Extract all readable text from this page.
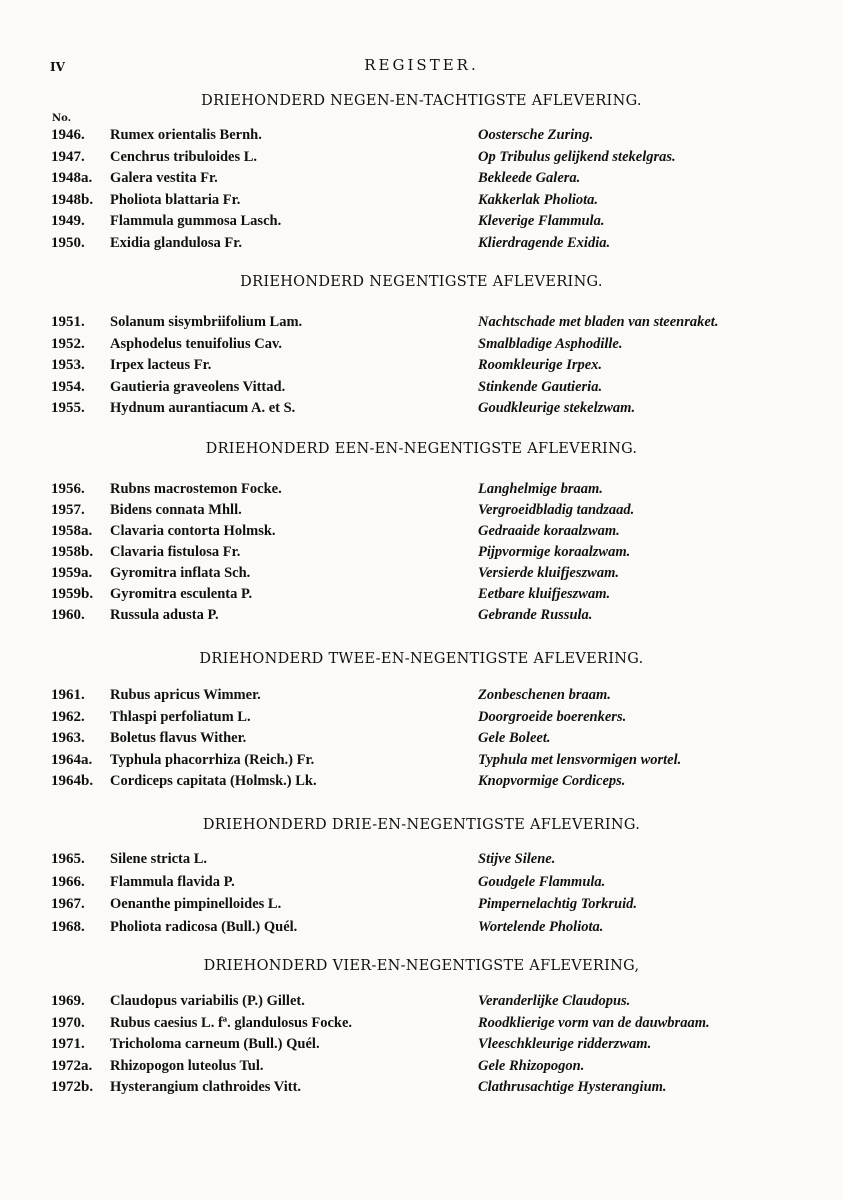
IV	REGISTER.
DRIEHONDERD NEGEN-EN-TACHTIGSTE AFLEVERING.
No.
1946.	Rumex orientalis Bernh.	Oostersche Zuring.
1947.	Cenchrus tribuloides L.	Op Tribulus gelijkend stekelgras.
1948a.	Galera vestita Fr.	Bekleede Galera.
1948b.	Pholiota blattaria Fr.	Kakkerlak Pholiota.
1949.	Flammula gummosa Lasch.	Kleverige Flammula.
1950.	Exidia glandulosa Fr.	Klierdragende Exidia.
DRIEHONDERD NEGENTIGSTE AFLEVERING.
1951.	Solanum sisymbriifolium Lam.	Nachtschade met bladen van steenraket.
1952.	Asphodelus tenuifolius Cav.	Smalbladige Asphodille.
1953.	Irpex lacteus Fr.	Roomkleurige Irpex.
1954.	Gautieria graveolens Vittad.	Stinkende Gautieria.
1955.	Hydnum aurantiacum A. et S.	Goudkleurige stekelzwam.
DRIEHONDERD EEN-EN-NEGENTIGSTE AFLEVERING.
1956.	Rubns macrostemon Focke.	Langhelmige braam.
1957.	Bidens connata Mhll.	Vergroeidbladig tandzaad.
1958a.	Clavaria contorta Holmsk.	Gedraaide koraalzwam.
1958b.	Clavaria fistulosa Fr.	Pijpvormige koraalzwam.
1959a.	Gyromitra inflata Sch.	Versierde kluifjeszwam.
1959b.	Gyromitra esculenta P.	Eetbare kluifjeszwam.
1960.	Russula adusta P.	Gebrande Russula.
DRIEHONDERD TWEE-EN-NEGENTIGSTE AFLEVERING.
1961.	Rubus apricus Wimmer.	Zonbeschenen braam.
1962.	Thlaspi perfoliatum L.	Doorgroeide boerenkers.
1963.	Boletus flavus Wither.	Gele Boleet.
1964a.	Typhula phacorrhiza (Reich.) Fr.	Typhula met lensvormigen wortel.
1964b.	Cordiceps capitata (Holmsk.) Lk.	Knopvormige Cordiceps.
DRIEHONDERD DRIE-EN-NEGENTIGSTE AFLEVERING.
1965.	Silene stricta L.	Stijve Silene.
1966.	Flammula flavida P.	Goudgele Flammula.
1967.	Oenanthe pimpinelloides L.	Pimpernelachtig Torkruid.
1968.	Pholiota radicosa (Bull.) Quél.	Wortelende Pholiota.
DRIEHONDERD VIER-EN-NEGENTIGSTE AFLEVERING,
1969.	Claudopus variabilis (P.) Gillet.	Veranderlijke Claudopus.
1970.	Rubus caesius L. fª. glandulosus Focke.	Roodklierige vorm van de dauwbraam.
1971.	Tricholoma carneum (Bull.) Quél.	Vleeschkleurige ridderzwam.
1972a.	Rhizopogon luteolus Tul.	Gele Rhizopogon.
1972b.	Hysterangium clathroides Vitt.	Clathrusachtige Hysterangium.
